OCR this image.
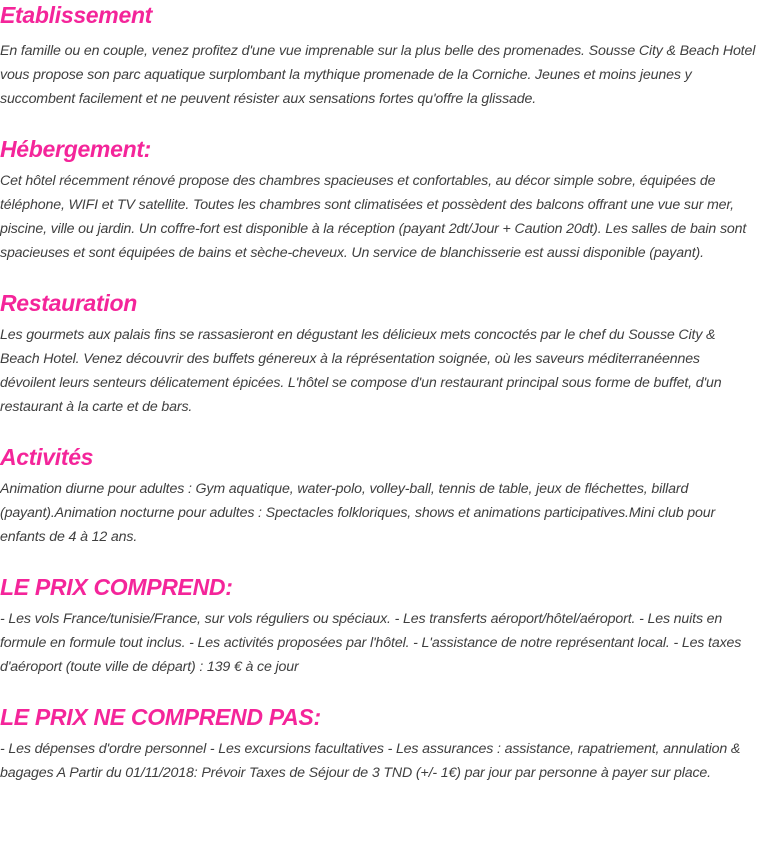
Etablissement

En famille ou en couple, venez profitez d'une vue imprenable sur la plus belle des promenades. Sousse City & Beach Hotel vous propose son parc aquatique surplombant la mythique promenade de la Corniche. Jeunes et moins jeunes y succombent facilement et ne peuvent résister aux sensations fortes qu'offre la glissade.

Hébergement:

Cet hôtel récemment rénové propose des chambres spacieuses et confortables, au décor simple sobre, équipées de téléphone, WIFI et TV satellite. Toutes les chambres sont climatisées et possèdent des balcons offrant une vue sur mer, piscine, ville ou jardin. Un coffre-fort est disponible à la réception (payant 2dt/Jour + Caution 20dt). Les salles de bain sont spacieuses et sont équipées de bains et sèche-cheveux. Un service de blanchisserie est aussi disponible (payant).

Restauration

Les gourmets aux palais fins se rassasieront en dégustant les délicieux mets concoctés par le chef du Sousse City & Beach Hotel. Venez découvrir des buffets génereux à la réprésentation soignée, où les saveurs méditerranéennes dévoilent leurs senteurs délicatement épicées. L'hôtel se compose d'un restaurant principal sous forme de buffet, d'un restaurant à la carte et de bars.

Activités

Animation diurne pour adultes : Gym aquatique, water-polo, volley-ball, tennis de table, jeux de fléchettes, billard (payant).Animation nocturne pour adultes : Spectacles folkloriques, shows et animations participatives.Mini club pour enfants de 4 à 12 ans.

LE PRIX COMPREND:

- Les vols France/tunisie/France, sur vols réguliers ou spéciaux. - Les transferts aéroport/hôtel/aéroport. - Les nuits en formule en formule tout inclus. - Les activités proposées par l'hôtel. - L'assistance de notre représentant local. - Les taxes d'aéroport (toute ville de départ) : 139 € à ce jour

LE PRIX NE COMPREND PAS:

- Les dépenses d'ordre personnel - Les excursions facultatives - Les assurances : assistance, rapatriement, annulation & bagages A Partir du 01/11/2018: Prévoir Taxes de Séjour de 3 TND (+/- 1€) par jour par personne à payer sur place.
